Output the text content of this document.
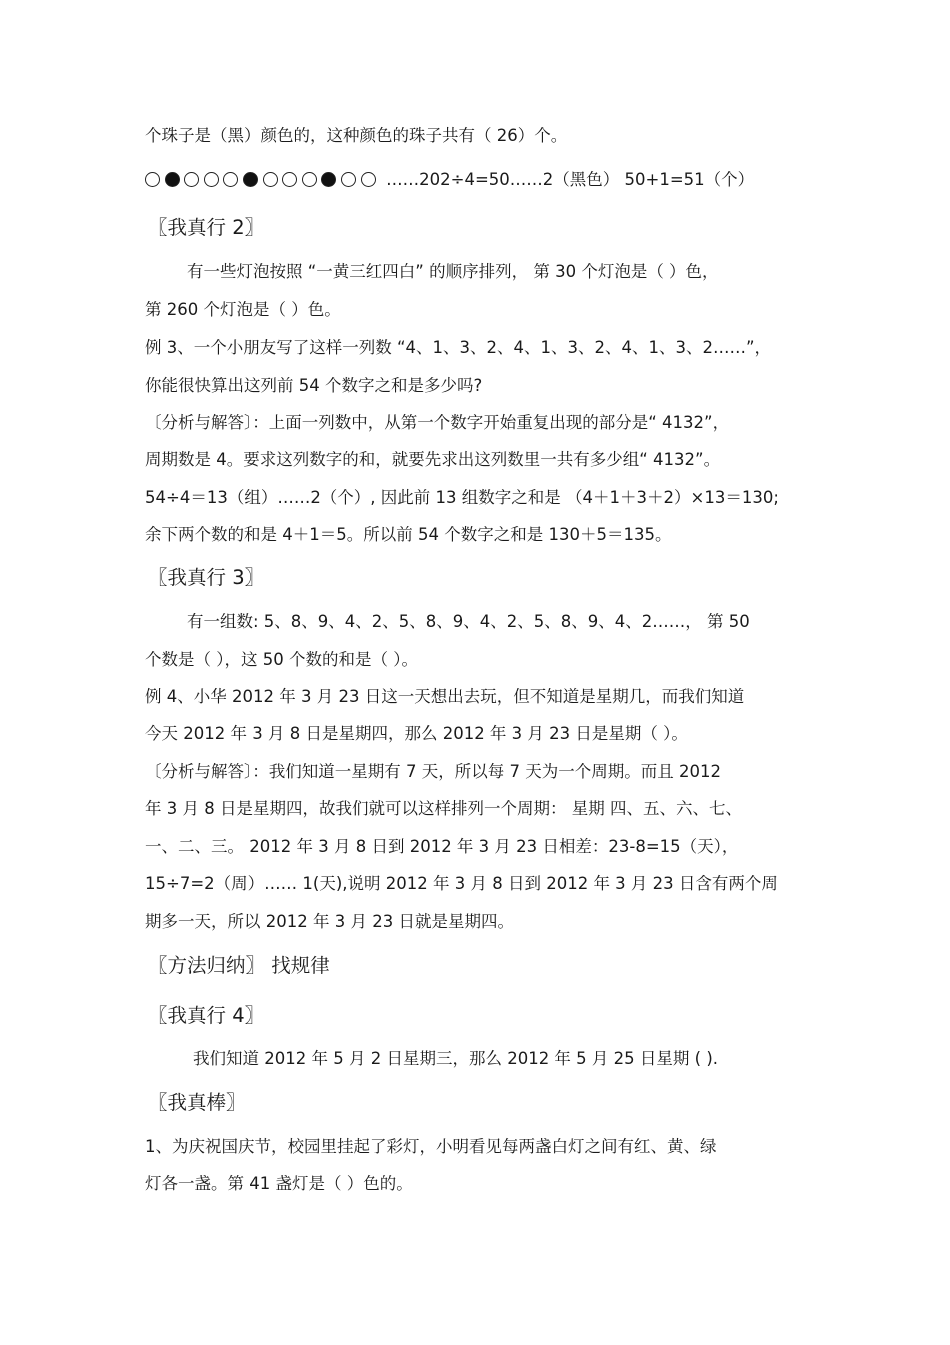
个珠子是（黑）颜色的，这种颜色的珠子共有（ 26）个。
……202÷4=50……2（黑色） 50+1=51（个）
〖我真行 2〗
有一些灯泡按照 “一黄三红四白” 的顺序排列， 第 30 个灯泡是（ ）色，
第 260 个灯泡是（ ）色。
例 3、一个小朋友写了这样一列数 “4、1、3、2、4、1、3、2、4、1、3、2……”，
你能很快算出这列前 54 个数字之和是多少吗?
〔分析与解答〕：上面一列数中，从第一个数字开始重复出现的部分是“ 4132”，
周期数是 4。要求这列数字的和，就要先求出这列数里一共有多少组“ 4132”。
54÷4＝13（组）……2（个）, 因此前 13 组数字之和是 （4＋1＋3＋2）×13＝130;
余下两个数的和是 4＋1＝5。所以前 54 个数字之和是 130＋5＝135。
〖我真行 3〗
有一组数: 5、8、9、4、2、5、8、9、4、2、5、8、9、4、2……， 第 50
个数是（ ），这 50 个数的和是（ ）。
例 4、小华 2012 年 3 月 23 日这一天想出去玩，但不知道是星期几，而我们知道
今天 2012 年 3 月 8 日是星期四，那么 2012 年 3 月 23 日是星期（ ）。
〔分析与解答〕：我们知道一星期有 7 天，所以每 7 天为一个周期。而且 2012
年 3 月 8 日是星期四，故我们就可以这样排列一个周期： 星期 四、五、六、七、
一、二、三。 2012 年 3 月 8 日到 2012 年 3 月 23 日相差：23-8=15（天），
15÷7=2（周）…… 1(天),说明 2012 年 3 月 8 日到 2012 年 3 月 23 日含有两个周
期多一天，所以 2012 年 3 月 23 日就是星期四。
〖方法归纳〗 找规律
〖我真行 4〗
我们知道 2012 年 5 月 2 日星期三，那么 2012 年 5 月 25 日星期 ( ).
〖我真棒〗
1、为庆祝国庆节，校园里挂起了彩灯，小明看见每两盏白灯之间有红、黄、绿
灯各一盏。第 41 盏灯是（ ）色的。
